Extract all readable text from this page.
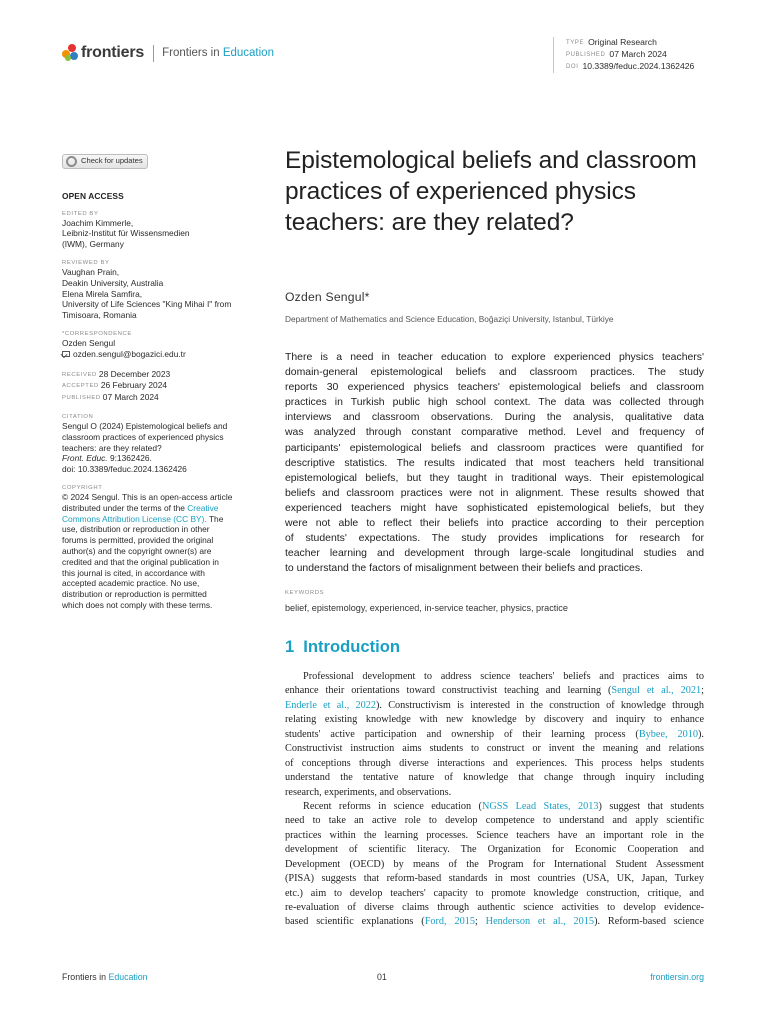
frontiers Frontiers in Education
TYPE Original Research
PUBLISHED 07 March 2024
DOI 10.3389/feduc.2024.1362426
Check for updates
OPEN ACCESS
EDITED BY
Joachim Kimmerle,
Leibniz-Institut für Wissensmedien
(IWM), Germany
REVIEWED BY
Vaughan Prain,
Deakin University, Australia
Elena Mirela Samfira,
University of Life Sciences "King Mihai I" from
Timisoara, Romania
*CORRESPONDENCE
Ozden Sengul
ozden.sengul@bogazici.edu.tr
RECEIVED 28 December 2023
ACCEPTED 26 February 2024
PUBLISHED 07 March 2024
CITATION
Sengul O (2024) Epistemological beliefs and
classroom practices of experienced physics
teachers: are they related?
Front. Educ. 9:1362426.
doi: 10.3389/feduc.2024.1362426
COPYRIGHT
© 2024 Sengul. This is an open-access article
distributed under the terms of the Creative
Commons Attribution License (CC BY). The
use, distribution or reproduction in other
forums is permitted, provided the original
author(s) and the copyright owner(s) are
credited and that the original publication in
this journal is cited, in accordance with
accepted academic practice. No use,
distribution or reproduction is permitted
which does not comply with these terms.
Epistemological beliefs and classroom practices of experienced physics teachers: are they related?
Ozden Sengul*
Department of Mathematics and Science Education, Boğaziçi University, Istanbul, Türkiye
There is a need in teacher education to explore experienced physics teachers'
domain-general epistemological beliefs and classroom practices. The study
reports 30 experienced physics teachers' epistemological beliefs and classroom
practices in Turkish public high school context. The data was collected through
interviews and classroom observations. During the analysis, qualitative data
was analyzed through constant comparative method. Level and frequency of
participants' epistemological beliefs and classroom practices were quantified for
descriptive statistics. The results indicated that most teachers held transitional
epistemological beliefs, but they taught in traditional ways. Their epistemological
beliefs and classroom practices were not in alignment. These results showed that
experienced teachers might have sophisticated epistemological beliefs, but they
were not able to reflect their beliefs into practice according to their perception
of students' expectations. The study provides implications for research for
teacher learning and development through large-scale longitudinal studies and
to understand the factors of misalignment between their beliefs and practices.
KEYWORDS
belief, epistemology, experienced, in-service teacher, physics, practice
1 Introduction
Professional development to address science teachers' beliefs and practices aims to
enhance their orientations toward constructivist teaching and learning (Sengul et al., 2021;
Enderle et al., 2022). Constructivism is interested in the construction of knowledge through
relating existing knowledge with new knowledge by discovery and inquiry to enhance
students' active participation and ownership of their learning process (Bybee, 2010).
Constructivist instruction aims students to construct or invent the meaning and relations
of conceptions through diverse interactions and experiences. This process helps students
understand the tentative nature of knowledge that change through inquiry including
research, experiments, and observations.
Recent reforms in science education (NGSS Lead States, 2013) suggest that students
need to take an active role to develop competence to understand and apply scientific
practices within the learning processes. Science teachers have an important role in the
development of scientific literacy. The Organization for Economic Cooperation and
Development (OECD) by means of the Program for International Student Assessment
(PISA) suggests that reform-based standards in most countries (USA, UK, Japan, Turkey
etc.) aim to develop teachers' capacity to promote knowledge construction, critique, and
re-evaluation of diverse claims through authentic science activities to develop evidence-
based scientific explanations (Ford, 2015; Henderson et al., 2015). Reform-based science
Frontiers in Education	01	frontiersin.org
